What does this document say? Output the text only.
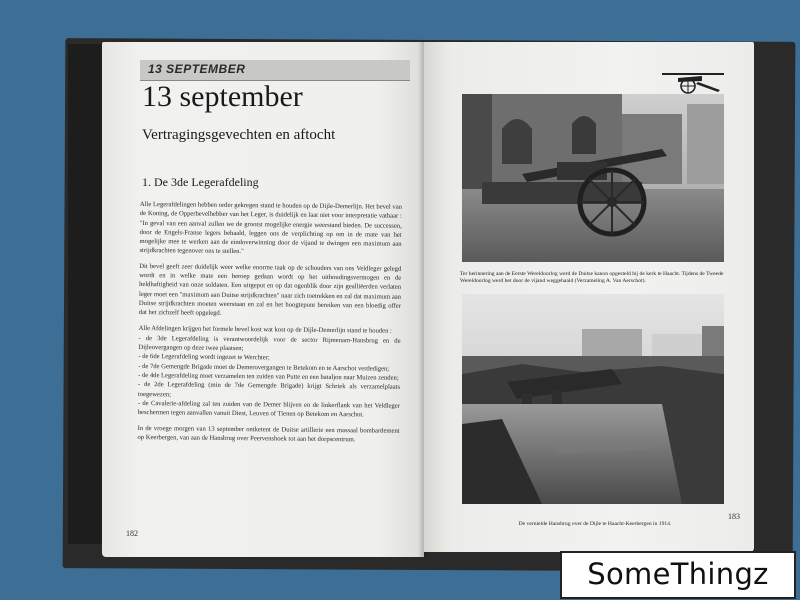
13 SEPTEMBER
13 september
Vertragingsgevechten en aftocht
1. De 3de Legerafdeling

Alle Legerafdelingen hebben order gekregen stand te houden op de Dijle-Demerlijn. Het bevel van de Koning, de Opperbevelhebber van het Leger, is duidelijk en laat niet voor interpretatie vatbaar : "In geval van een aanval zullen we de grootst mogelijke energie weerstand bieden. De successen, door de Engels-Franse legers behaald, leggen ons de verplichting op om in de mate van het mogelijke mee te werken aan de eindoverwinning door de vijand te dwingen een maximum aan strijdkrachten tegenover ons te stellen."

Dit bevel geeft zeer duidelijk weer welke enorme taak op de schouders van ons Veldleger gelegd wordt en in welke mate een beroep gedaan wordt op het uithoudingsvermogen en de heldhaftigheid van onze soldaten. Een uitgeput en op dat ogenblik door zijn gealliëerden verlaten leger moet een "maximum aan Duitse strijdkrachten" naar zich toetrekken en zal dat maximum aan Duitse strijdkrachten moeten weerstaan en zal en het hoogtepunt bereiken van een bloedig offer dat het zichzelf heeft opgelegd.

Alle Afdelingen krijgen het formele bevel kost wat kost op de Dijle-Demerlijn stand te houden :

- de 3de Legerafdeling is verantwoordelijk voor de sector Rijmenam-Hansbrug en de Dijleovergangen op deze twee plaatsen;
- de 6de Legerafdeling wordt ingezet te Werchter;
- de 7de Gemengde Brigade moet de Demerovergangen te Betekom en te Aarschot verdedigen;
- de 4de Legerafdeling moet verzamelen ten zuiden van Putte en een bataljon naar Muizen zenden;
- de 2de Legerafdeling (min de 7de Gemengde Brigade) krijgt Schriek als verzamelplaats toegewezen;
- de Cavalerie-afdeling zal ten zuiden van de Demer blijven en de linkerflank van het Veldleger beschermen tegen aanvallen vanuit Diest, Leuven of Tienen op Betekom en Aarschot.

In de vroege morgen van 13 september ontketent de Duitse artillerie een massaal bombardement op Keerbergen, van aan de Hansbrug over Peervenshoek tot aan het dorpscentrum.

182
Ter herinnering aan de Eerste Wereldoorlog werd de Duitse kanon opgesteld bij de kerk te Haacht. Tijdens de Tweede Wereldoorlog werd het door de vijand weggehaald (Verzameling A. Van Aerschot).
De vernielde Hansbrug over de Dijle te Haacht-Keerbergen in 1914.
183
SomeThingz
